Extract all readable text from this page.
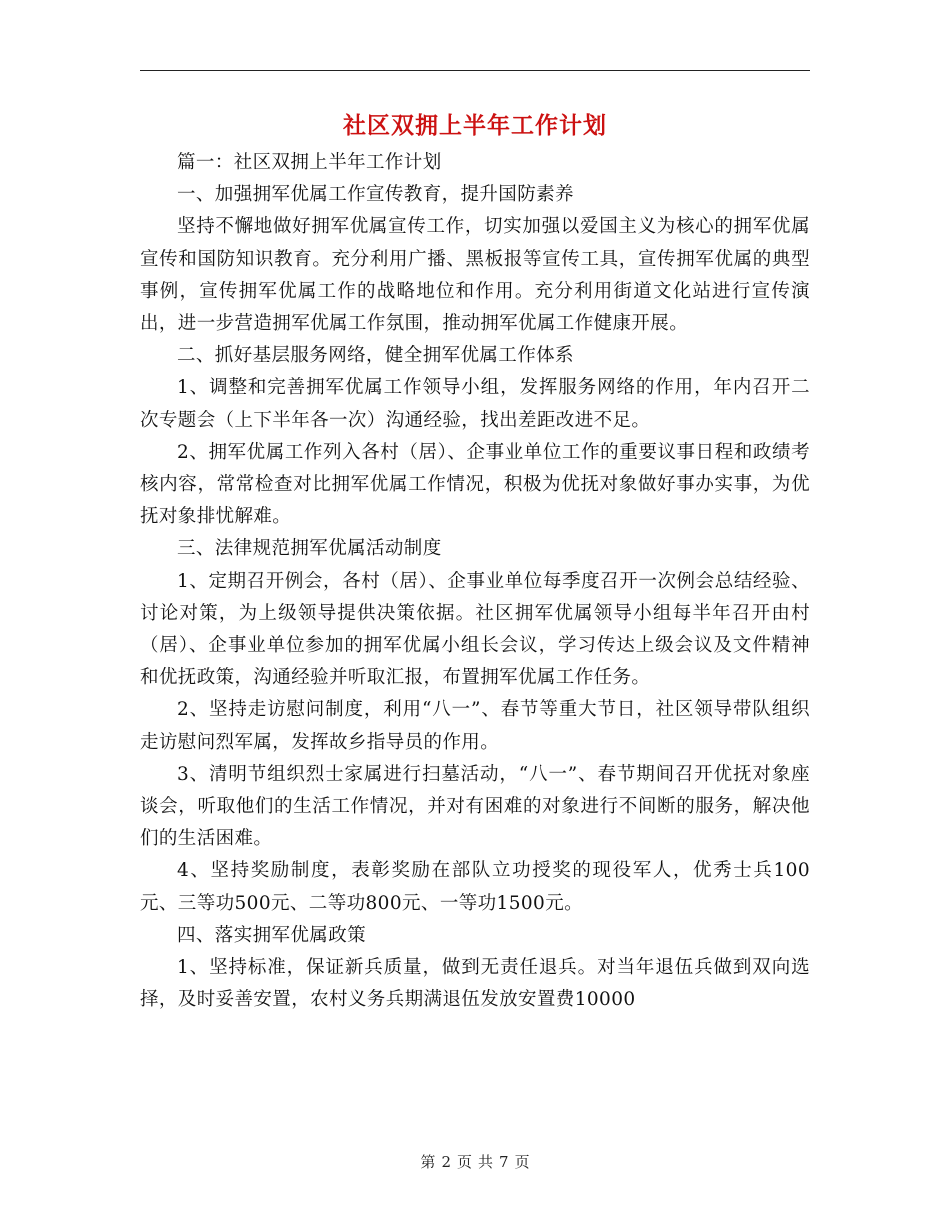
社区双拥上半年工作计划

篇一：社区双拥上半年工作计划

一、加强拥军优属工作宣传教育，提升国防素养

坚持不懈地做好拥军优属宣传工作，切实加强以爱国主义为核心的拥军优属宣传和国防知识教育。充分利用广播、黑板报等宣传工具，宣传拥军优属的典型事例，宣传拥军优属工作的战略地位和作用。充分利用街道文化站进行宣传演出，进一步营造拥军优属工作氛围，推动拥军优属工作健康开展。

二、抓好基层服务网络，健全拥军优属工作体系

1、调整和完善拥军优属工作领导小组，发挥服务网络的作用，年内召开二次专题会（上下半年各一次）沟通经验，找出差距改进不足。

2、拥军优属工作列入各村（居）、企事业单位工作的重要议事日程和政绩考核内容，常常检查对比拥军优属工作情况，积极为优抚对象做好事办实事，为优抚对象排忧解难。

三、法律规范拥军优属活动制度

1、定期召开例会，各村（居）、企事业单位每季度召开一次例会总结经验、讨论对策，为上级领导提供决策依据。社区拥军优属领导小组每半年召开由村（居）、企事业单位参加的拥军优属小组长会议，学习传达上级会议及文件精神和优抚政策，沟通经验并听取汇报，布置拥军优属工作任务。

2、坚持走访慰问制度，利用“八一”、春节等重大节日，社区领导带队组织走访慰问烈军属，发挥故乡指导员的作用。

3、清明节组织烈士家属进行扫墓活动，“八一”、春节期间召开优抚对象座谈会，听取他们的生活工作情况，并对有困难的对象进行不间断的服务，解决他们的生活困难。

4、坚持奖励制度，表彰奖励在部队立功授奖的现役军人，优秀士兵100元、三等功500元、二等功800元、一等功1500元。

四、落实拥军优属政策

1、坚持标准，保证新兵质量，做到无责任退兵。对当年退伍兵做到双向选择，及时妥善安置，农村义务兵期满退伍发放安置费10000

第 2 页 共 7 页
